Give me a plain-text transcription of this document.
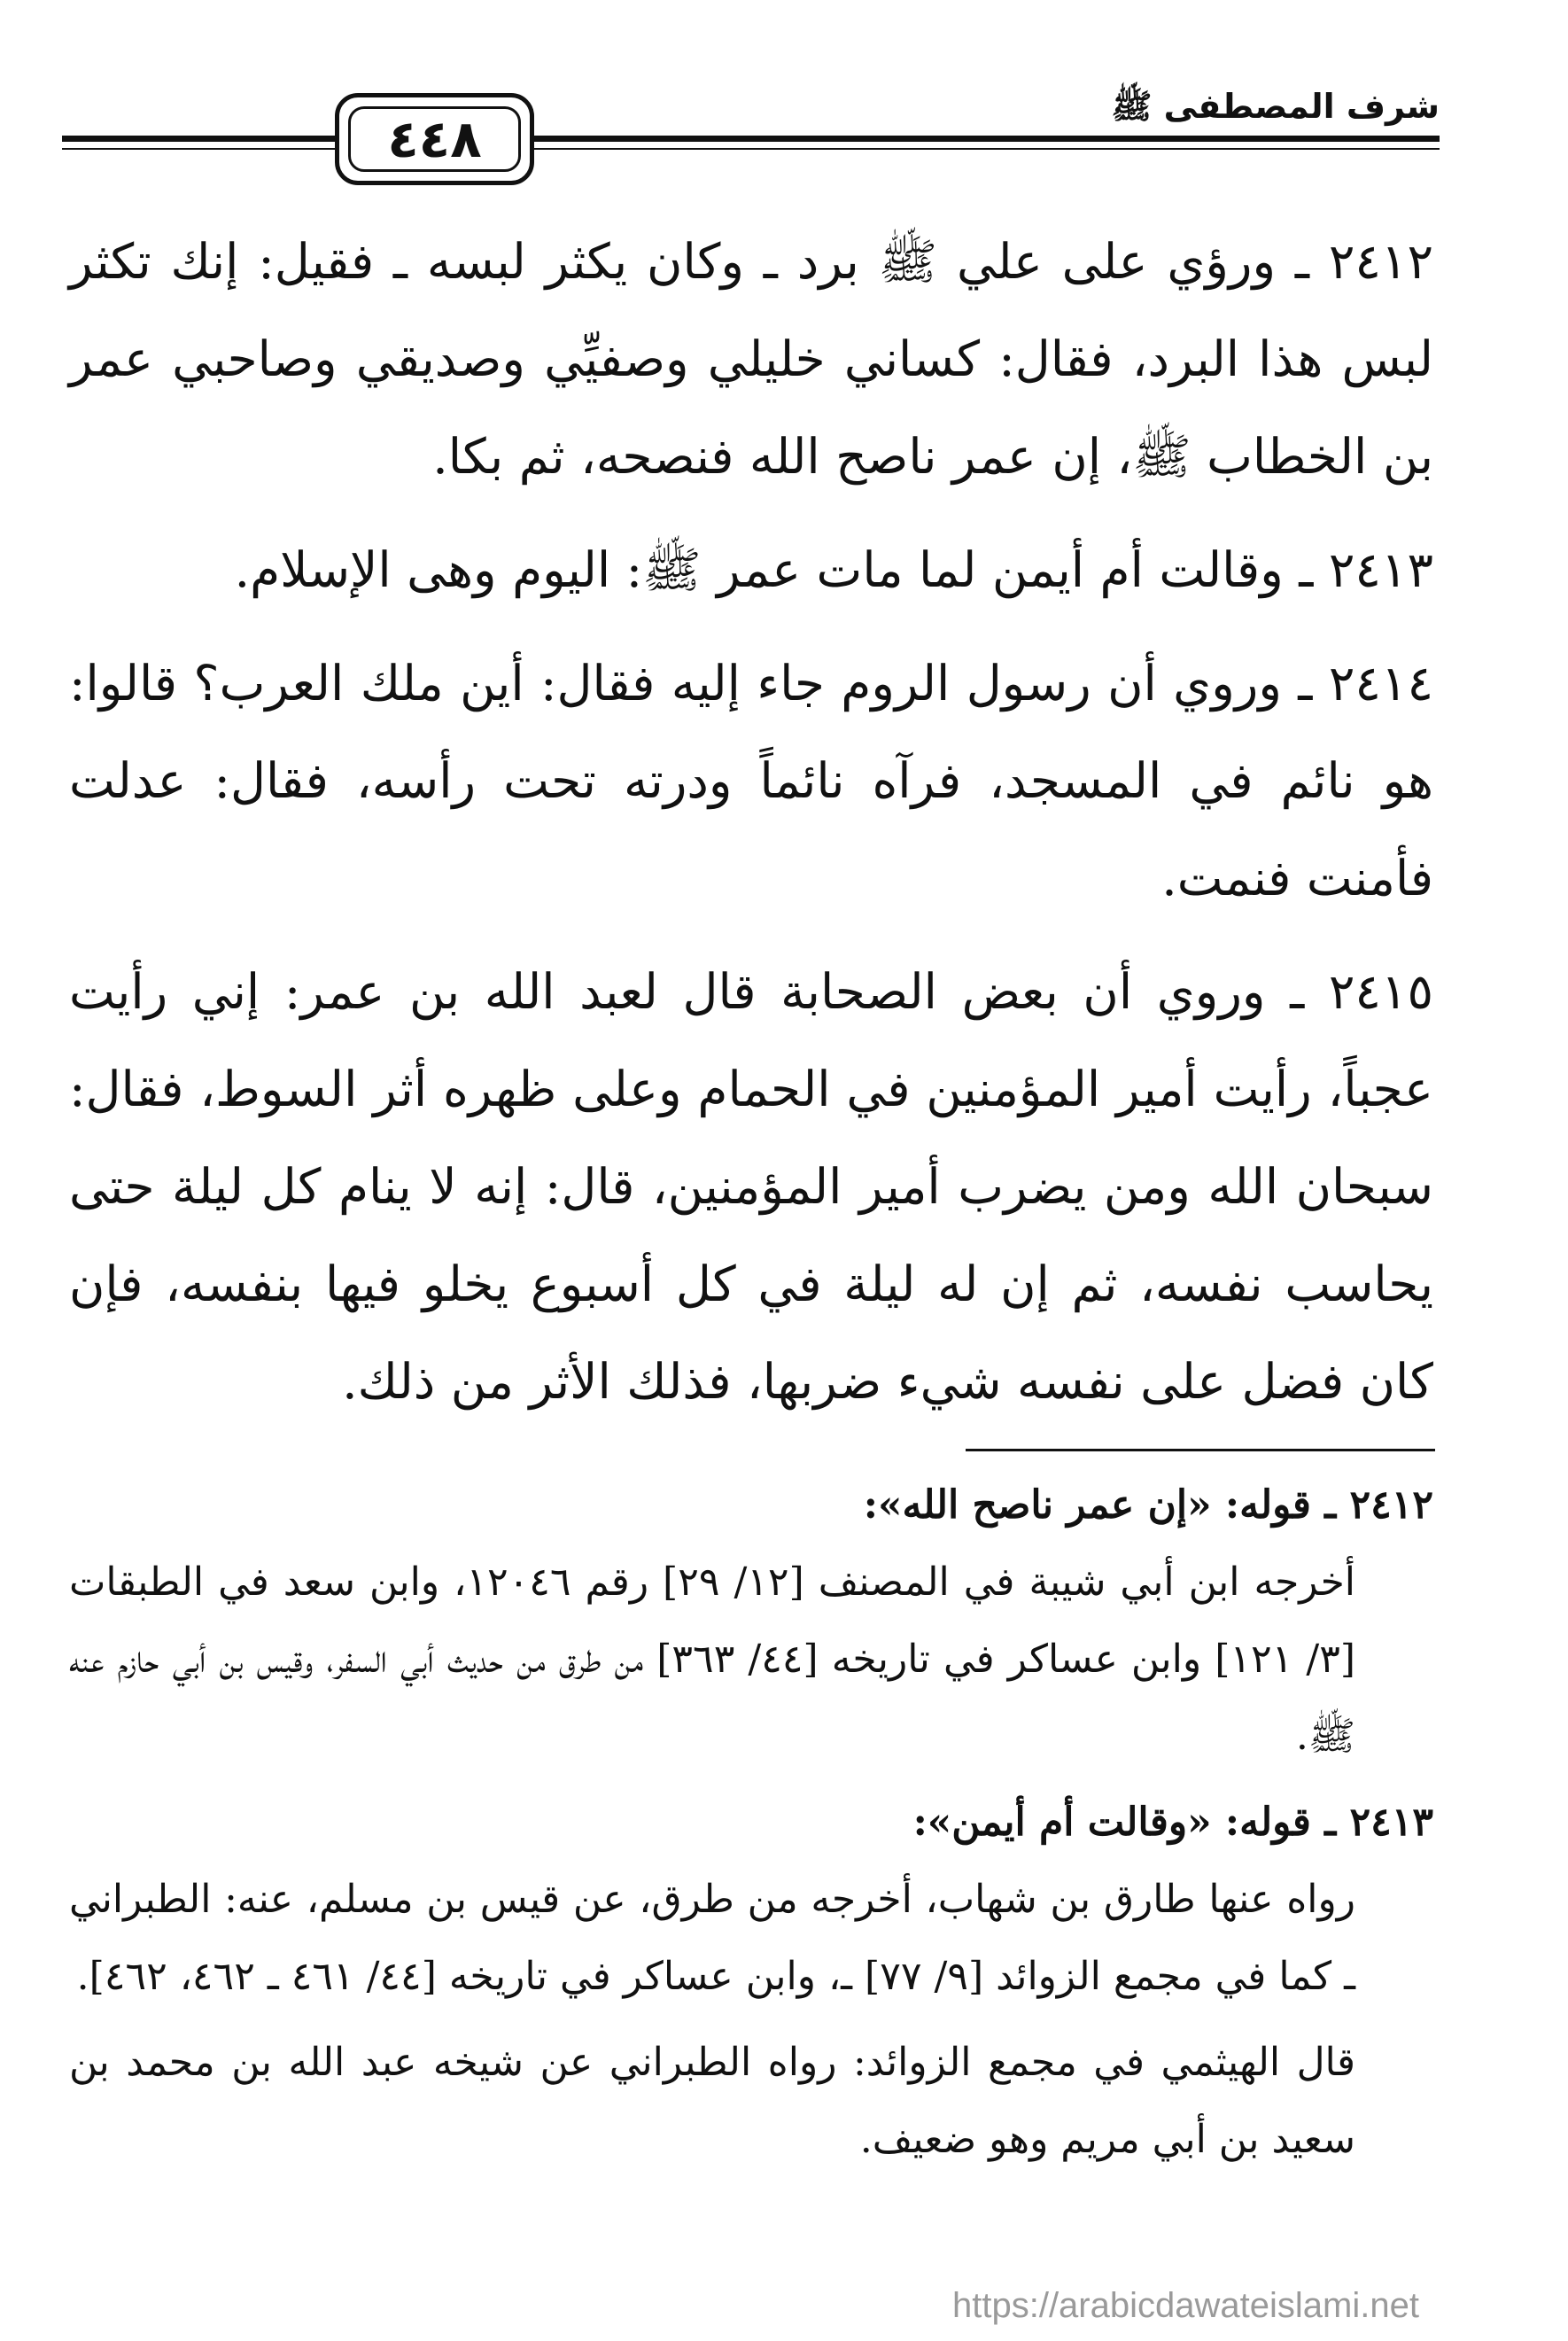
شرف المصطفى ﷺ
٤٤٨

٢٤١٢ ـ ورؤي على علي ﷺ برد ـ وكان يكثر لبسه ـ فقيل: إنك تكثر لبس هذا البرد، فقال: كساني خليلي وصفيِّي وصديقي وصاحبي عمر بن الخطاب ﷺ، إن عمر ناصح الله فنصحه، ثم بكا.

٢٤١٣ ـ وقالت أم أيمن لما مات عمر ﷺ: اليوم وهى الإسلام.

٢٤١٤ ـ وروي أن رسول الروم جاء إليه فقال: أين ملك العرب؟ قالوا: هو نائم في المسجد، فرآه نائماً ودرته تحت رأسه، فقال: عدلت فأمنت فنمت.

٢٤١٥ ـ وروي أن بعض الصحابة قال لعبد الله بن عمر: إني رأيت عجباً، رأيت أمير المؤمنين في الحمام وعلى ظهره أثر السوط، فقال: سبحان الله ومن يضرب أمير المؤمنين، قال: إنه لا ينام كل ليلة حتى يحاسب نفسه، ثم إن له ليلة في كل أسبوع يخلو فيها بنفسه، فإن كان فضل على نفسه شيء ضربها، فذلك الأثر من ذلك.

٢٤١٢ ـ قوله: «إن عمر ناصح الله»:

أخرجه ابن أبي شيبة في المصنف [١٢/ ٢٩] رقم ١٢٠٤٦، وابن سعد في الطبقات [٣/ ١٢١] وابن عساكر في تاريخه [٤٤/ ٣٦٣] من طرق من حديث أبي السفر، وقيس بن أبي حازم عنه ﷺ.

٢٤١٣ ـ قوله: «وقالت أم أيمن»:

رواه عنها طارق بن شهاب، أخرجه من طرق، عن قيس بن مسلم، عنه: الطبراني ـ كما في مجمع الزوائد [٩/ ٧٧] ـ، وابن عساكر في تاريخه [٤٤/ ٤٦١ ـ ٤٦٢، ٤٦٢].

قال الهيثمي في مجمع الزوائد: رواه الطبراني عن شيخه عبد الله بن محمد بن سعيد بن أبي مريم وهو ضعيف.

https://arabicdawateislami.net
